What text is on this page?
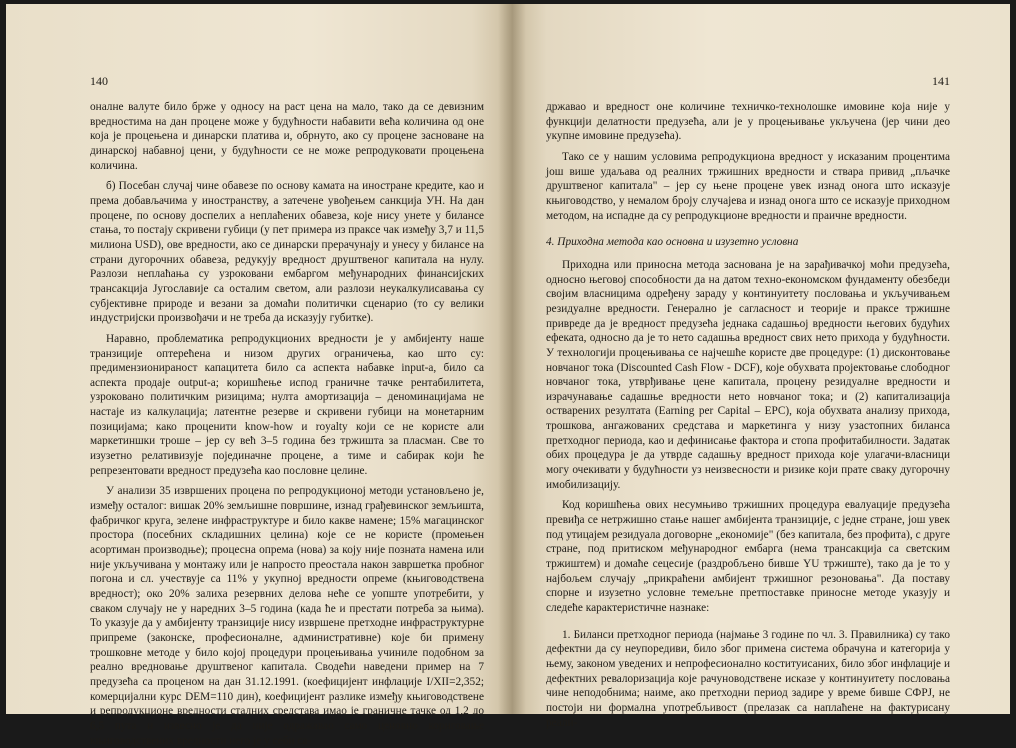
140

оналне валуте било брже у односу на раст цена на мало, тако да се девизним вредностима на дан процене може у будућности набавити већа количина од оне која је процењена и динарски платива и, обрнуто, ако су процене засноване на динарској набавној цени, у будућности се не може репродуковати процењена количина.

б) Посебан случај чине обавезе по основу камата на иностране кредите, као и према добављачима у иностранству, а затечене увођењем санкција УН. На дан процене, по основу доспелих а неплаћених обавеза, које нису унете у билансе стања, то постају скривени губици (у пет примера из праксе чак између 3,7 и 11,5 милиона USD), ове вредности, ако се динарски прерачунају и унесу у билансе на страни дугорочних обавеза, редукују вредност друштвеног капитала на нулу. Разлози неплаћања су узроковани ембаргом међународних финансијских трансакција Југославије са осталим светом, али разлози неукалкулисавања су субјективне природе и везани за домаћи политички сценарио (то су велики индустријски произвођачи и не треба да исказују губитке).

Наравно, проблематика репродукционих вредности је у амбијенту наше транзиције оптерећена и низом других ограничења, као што су: предимензионираност капацитета било са аспекта набавке input-а, било са аспекта продаје output-а; коришћење испод граничне тачке рентабилитета, узроковано политичким ризицима; нулта амортизација – деноминацијама не настаје из калкулација; латентне резерве и скривени губици на монетарним позицијама; како проценити know-how и royalty који се не користе али маркетиншки троше – јер су већ 3–5 година без тржишта за пласман. Све то изузетно релативизује појединачне процене, а тиме и сабирак који ће репрезентовати вредност предузећа као пословне целине.

У анализи 35 извршених процена по репродукционој методи установљено је, између осталог: вишак 20% земљишне површине, изнад грађевинског земљишта, фабричког круга, зелене инфраструктуре и било какве намене; 15% магацинског простора (посебних складишних целина) које се не користе (промењен асортиман производње); процесна опрема (нова) за коју није позната намена или није укључивана у монтажу или је напросто преостала након завршетка пробног погона и сл. учествује са 11% у укупној вредности опреме (књиговодствена вредност); око 20% залиха резервних делова неће се уопште употребити, у сваком случају не у наредних 3–5 година (када ће и престати потреба за њима). То указује да у амбијенту транзиције нису извршене претходне инфраструктурне припреме (законске, професионалне, административне) које би примену трошковне методе у било којој процедури процењивања учиниле подобном за реално вредновање друштвеног капитала. Сводећи наведени пример на 7 предузећа са проценом на дан 31.12.1991. (коефицијент инфлације I/XII=2,352; комерцијални курс DEM=110 дин), коефицијент разлике између књиговодствене и репродукционе вредности сталних средстава имао је граничне тачке од 1,2 до 6,5 пута и извесно је да није одражавао само ценовно кориговање књиговодствених вредности него је у себи са-

141

државао и вредност оне количине техничко-технолошке имовине која није у функцији делатности предузећа, али је у процењивање укључена (јер чини део укупне имовине предузећа).

Тако се у нашим условима репродукциона вредност у исказаним процентима још више удаљава од реалних тржишних вредности и ствара привид „пљачке друштвеног капитала" – јер су њене процене увек изнад онога што исказује књиговодство, у немалом броју случајева и изнад онога што се исказује приходном методом, на испадне да су репродукционе вредности и праичне вредности.

4. Приходна метода као основна и изузетно условна

Приходна или приносна метода заснована је на зарађивачкој моћи предузећа, односно његовој способности да на датом техно-економском фундаменту обезбеди својим власницима одређену зараду у континуитету пословања и укључивањем резидуалне вредности. Генерално је сагласност и теорије и праксе тржишне привреде да је вредност предузећа једнака садашњој вредности његових будућих ефеката, односно да је то нето садашња вредност свих нето прихода у будућности. У технологији процењивања се најчешће користе две процедуре: (1) дисконтовање новчаног тока (Discounted Cash Flow - DCF), које обухвата пројектовање слободног новчаног тока, утврђивање цене капитала, процену резидуалне вредности и израчунавање садашње вредности нето новчаног тока; и (2) капитализација остварених резултата (Earning per Capital – EPC), која обухвата анализу прихода, трошкова, ангажованих средстава и маркетинга у низу узастопних биланса претходног периода, као и дефинисање фактора и стопа профитабилности. Задатак обих процедура је да утврде садашњу вредност прихода које улагачи-власници могу очекивати у будућности уз неизвесности и ризике који прате сваку дугорочну имобилизацију.

Код коришћења ових несумњиво тржишних процедура евалуације предузећа превиђа се нетржишно стање нашег амбијента транзиције, с једне стране, још увек под утицајем резидуала договорне „економије" (без капитала, без профита), с друге стране, под притиском међународног ембарга (нема трансакција са светским тржиштем) и домаће сецесије (раздробљено бивше YU тржиште), тако да је то у најбољем случају „прикраћени амбијент тржишног резоновања". Да поставу спорне и изузетно условне темељне претпоставке приносне методе указују и следеће карактеристичне назнаке:

1. Биланси претходног периода (најмање 3 године по чл. 3. Правилника) су тако дефектни да су неупоредиви, било због примена система обрачуна и категорија у њему, законом уведених и непрофесионално коституисаних, било због инфлације и дефектних ревалоризација које рачуноводствене исказе у континуитету пословања чине неподобнима; наиме, ако претходни период задире у време бивше СФРЈ, не постоји ни формална употребљивост (прелазак са наплаћене на фактурисану реали-
